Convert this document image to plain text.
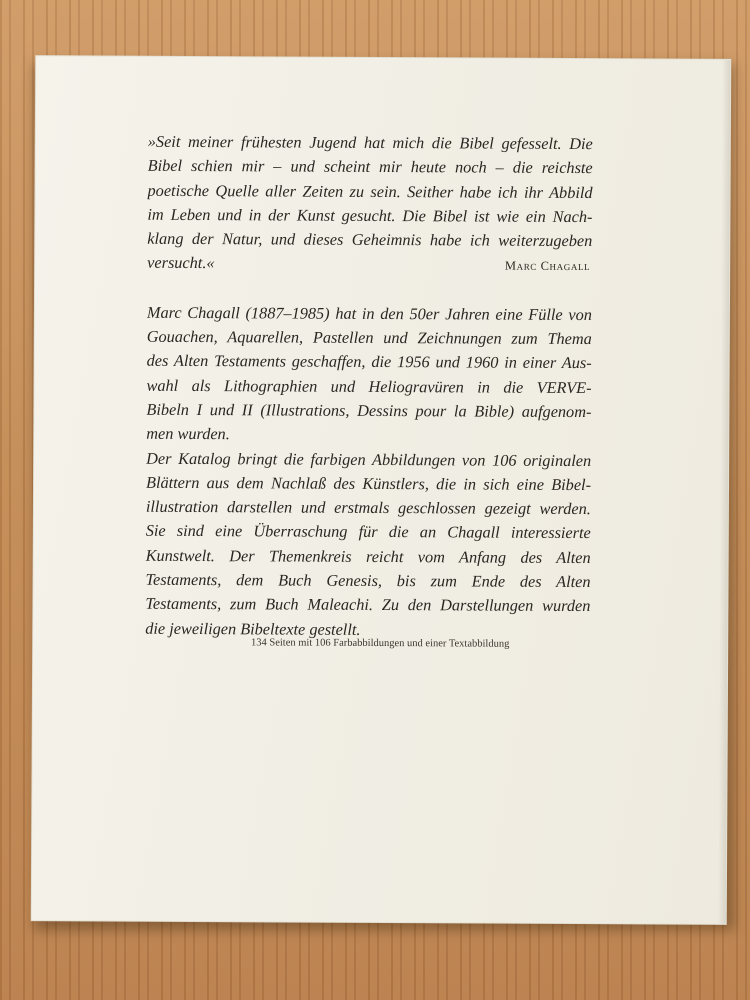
»Seit meiner frühesten Jugend hat mich die Bibel gefesselt. Die
Bibel schien mir – und scheint mir heute noch – die reichste
poetische Quelle aller Zeiten zu sein. Seither habe ich ihr Abbild
im Leben und in der Kunst gesucht. Die Bibel ist wie ein Nach-
klang der Natur, und dieses Geheimnis habe ich weiterzugeben
versucht.«	Marc Chagall
Marc Chagall (1887–1985) hat in den 50er Jahren eine Fülle von
Gouachen, Aquarellen, Pastellen und Zeichnungen zum Thema
des Alten Testaments geschaffen, die 1956 und 1960 in einer Aus-
wahl als Lithographien und Heliogravüren in die VERVE-
Bibeln I und II (Illustrations, Dessins pour la Bible) aufgenom-
men wurden.
Der Katalog bringt die farbigen Abbildungen von 106 originalen
Blättern aus dem Nachlaß des Künstlers, die in sich eine Bibel-
illustration darstellen und erstmals geschlossen gezeigt werden.
Sie sind eine Überraschung für die an Chagall interessierte
Kunstwelt. Der Themenkreis reicht vom Anfang des Alten
Testaments, dem Buch Genesis, bis zum Ende des Alten
Testaments, zum Buch Maleachi. Zu den Darstellungen wurden
die jeweiligen Bibeltexte gestellt.
134 Seiten mit 106 Farbabbildungen und einer Textabbildung
